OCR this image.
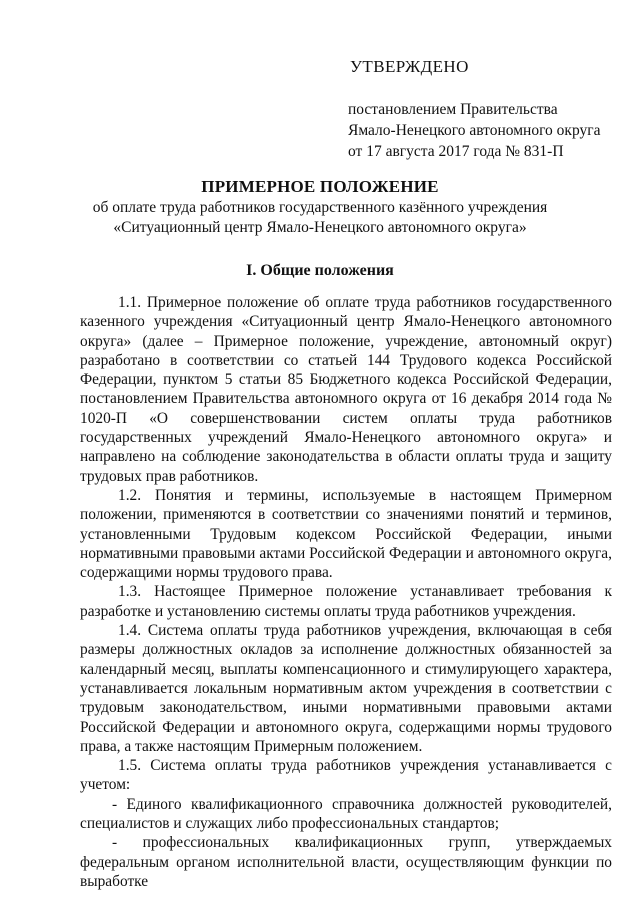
УТВЕРЖДЕНО
постановлением Правительства
Ямало-Ненецкого автономного округа
от 17 августа 2017 года № 831-П
ПРИМЕРНОЕ ПОЛОЖЕНИЕ
об оплате труда работников государственного казённого учреждения
«Ситуационный центр Ямало-Ненецкого автономного округа»
I. Общие положения

1.1. Примерное положение об оплате труда работников государственного казенного учреждения «Ситуационный центр Ямало-Ненецкого автономного округа» (далее – Примерное положение, учреждение, автономный округ) разработано в соответствии со статьей 144 Трудового кодекса Российской Федерации, пунктом 5 статьи 85 Бюджетного кодекса Российской Федерации, постановлением Правительства автономного округа от 16 декабря 2014 года № 1020-П «О совершенствовании систем оплаты труда работников государственных учреждений Ямало-Ненецкого автономного округа» и направлено на соблюдение законодательства в области оплаты труда и защиту трудовых прав работников.

1.2. Понятия и термины, используемые в настоящем Примерном положении, применяются в соответствии со значениями понятий и терминов, установленными Трудовым кодексом Российской Федерации, иными нормативными правовыми актами Российской Федерации и автономного округа, содержащими нормы трудового права.

1.3. Настоящее Примерное положение устанавливает требования к разработке и установлению системы оплаты труда работников учреждения.

1.4. Система оплаты труда работников учреждения, включающая в себя размеры должностных окладов за исполнение должностных обязанностей за календарный месяц, выплаты компенсационного и стимулирующего характера, устанавливается локальным нормативным актом учреждения в соответствии с трудовым законодательством, иными нормативными правовыми актами Российской Федерации и автономного округа, содержащими нормы трудового права, а также настоящим Примерным положением.

1.5. Система оплаты труда работников учреждения устанавливается с учетом:

- Единого квалификационного справочника должностей руководителей, специалистов и служащих либо профессиональных стандартов;

- профессиональных квалификационных групп, утверждаемых федеральным органом исполнительной власти, осуществляющим функции по выработке
